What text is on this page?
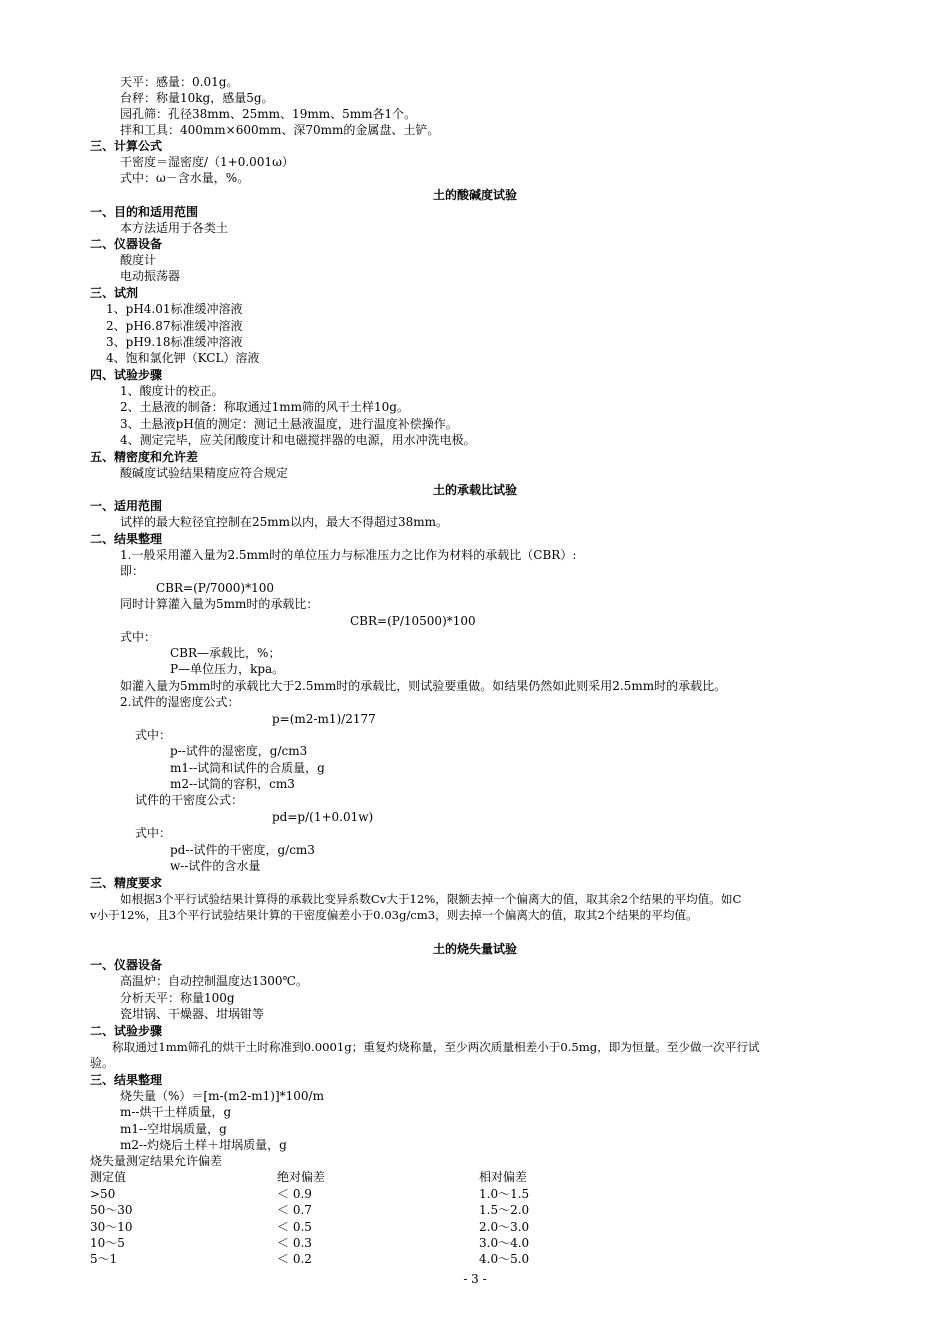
天平：感量：0.01g。
台秤：称量10kg，感量5g。
园孔筛：孔径38mm、25mm、19mm、5mm各1个。
拌和工具：400mm×600mm、深70mm的金属盘、土铲。
三、计算公式
干密度＝湿密度/（1+0.001ω）
式中：ω－含水量，%。
土的酸碱度试验
一、目的和适用范围
本方法适用于各类土
二、仪器设备
酸度计
电动振荡器
三、试剂
1、pH4.01标准缓冲溶液
2、pH6.87标准缓冲溶液
3、pH9.18标准缓冲溶液
4、饱和氯化钾（KCL）溶液
四、试验步骤
1、酸度计的校正。
2、土悬液的制备：称取通过1mm筛的风干土样10g。
3、土悬液pH值的测定：测记土悬液温度，进行温度补偿操作。
4、测定完毕，应关闭酸度计和电磁搅拌器的电源，用水冲洗电极。
五、精密度和允许差
酸碱度试验结果精度应符合规定
土的承载比试验
一、适用范围
试样的最大粒径宜控制在25mm以内，最大不得超过38mm。
二、结果整理
1.一般采用灌入量为2.5mm时的单位压力与标准压力之比作为材料的承载比（CBR）:
即：
CBR=(P/7000)*100
同时计算灌入量为5mm时的承载比：
CBR=(P/10500)*100
式中：
CBR—承载比，%；
P—单位压力，kpa。
如灌入量为5mm时的承载比大于2.5mm时的承载比，则试验要重做。如结果仍然如此则采用2.5mm时的承载比。
2.试件的湿密度公式：
p=(m2-m1)/2177
式中：
p--试件的湿密度，g/cm3
m1--试筒和试件的合质量，g
m2--试筒的容积，cm3
试件的干密度公式：
pd=p/(1+0.01w)
式中：
pd--试件的干密度，g/cm3
w--试件的含水量
三、精度要求
如根据3个平行试验结果计算得的承载比变异系数Cv大于12%，限额去掉一个偏离大的值，取其余2个结果的平均值。如C
v小于12%，且3个平行试验结果计算的干密度偏差小于0.03g/cm3，则去掉一个偏离大的值，取其2个结果的平均值。
土的烧失量试验
一、仪器设备
高温炉：自动控制温度达1300℃。
分析天平：称量100g
瓷坩锅、干燥器、坩埚钳等
二、试验步骤
称取通过1mm筛孔的烘干土时称准到0.0001g；重复灼烧称量，至少两次质量相差小于0.5mg，即为恒量。至少做一次平行试
验。
三、结果整理
烧失量（%）＝[m-(m2-m1)]*100/m
m--烘干土样质量，g
m1--空坩埚质量，g
m2--灼烧后土样＋坩埚质量，g
烧失量测定结果允许偏差
测定值	绝对偏差	相对偏差
>50	＜ 0.9	1.0～1.5
50～30	＜ 0.7	1.5～2.0
30～10	＜ 0.5	2.0～3.0
10～5	＜ 0.3	3.0～4.0
5～1	＜ 0.2	4.0～5.0
- 3 -
